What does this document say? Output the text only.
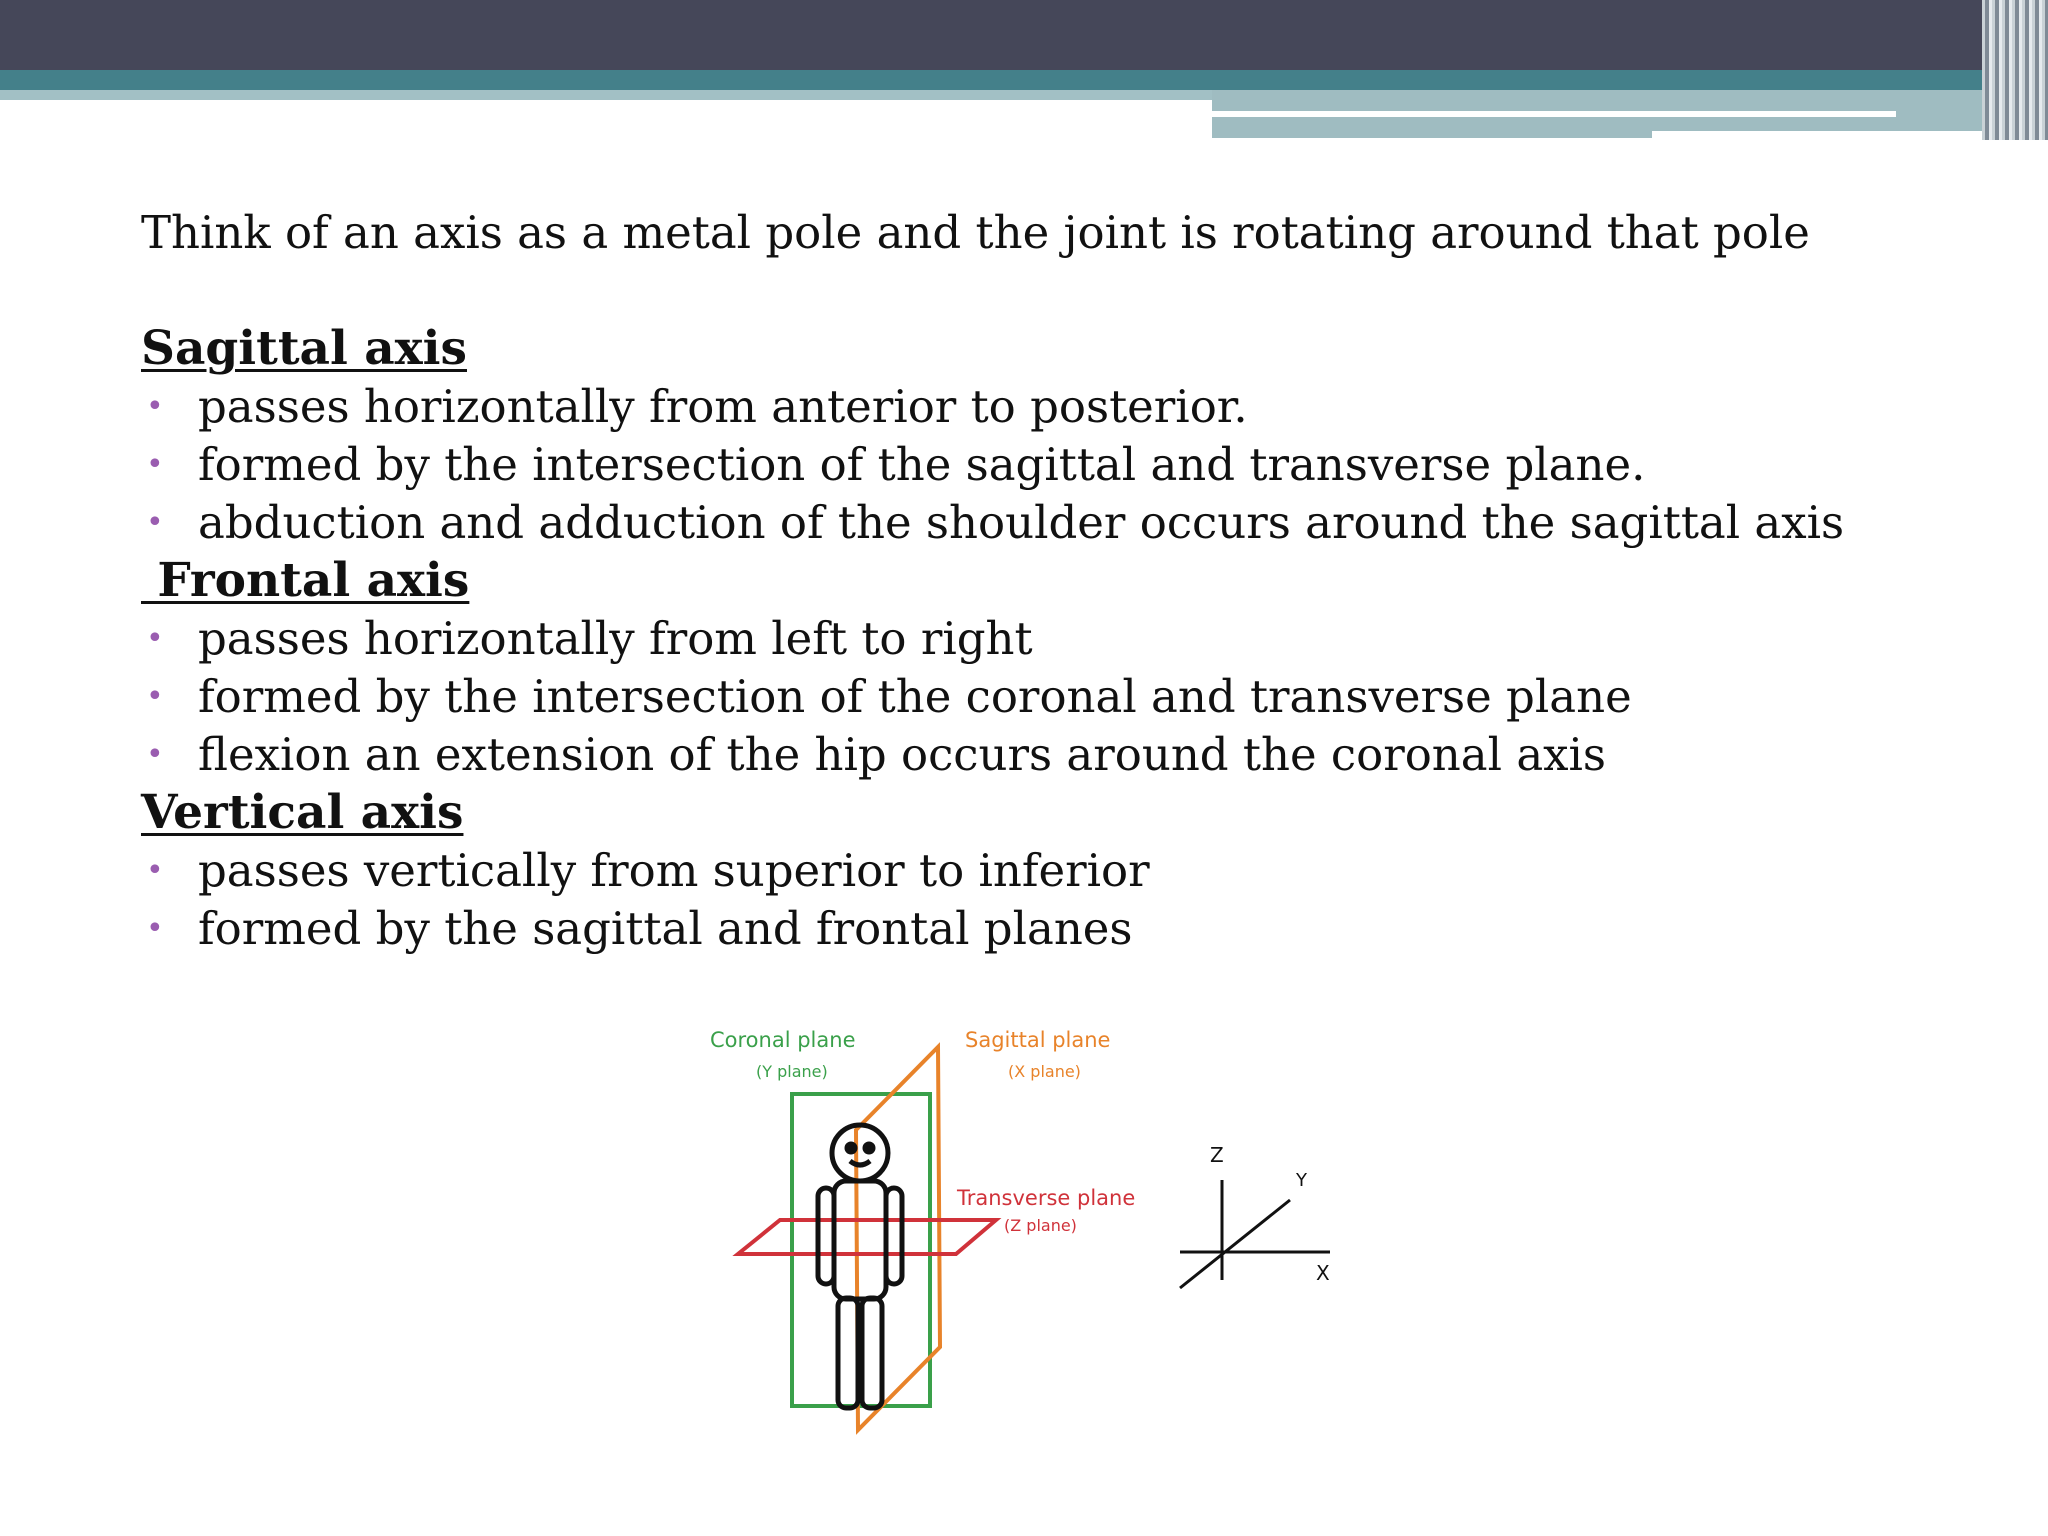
Think of an axis as a metal pole and the joint is rotating around that pole

Sagittal axis
• passes horizontally from anterior to posterior.
• formed by the intersection of the sagittal and transverse plane.
• abduction and adduction of the shoulder occurs around the sagittal axis
Frontal axis
• passes horizontally from left to right
• formed by the intersection of the coronal and transverse plane
• flexion an extension of the hip occurs around the coronal axis
Vertical axis
• passes vertically from superior to inferior
• formed by the sagittal and frontal planes
Coronal plane
(Y plane)
Sagittal plane
(X plane)
Transverse plane
(Z plane)
Z
Y
X
